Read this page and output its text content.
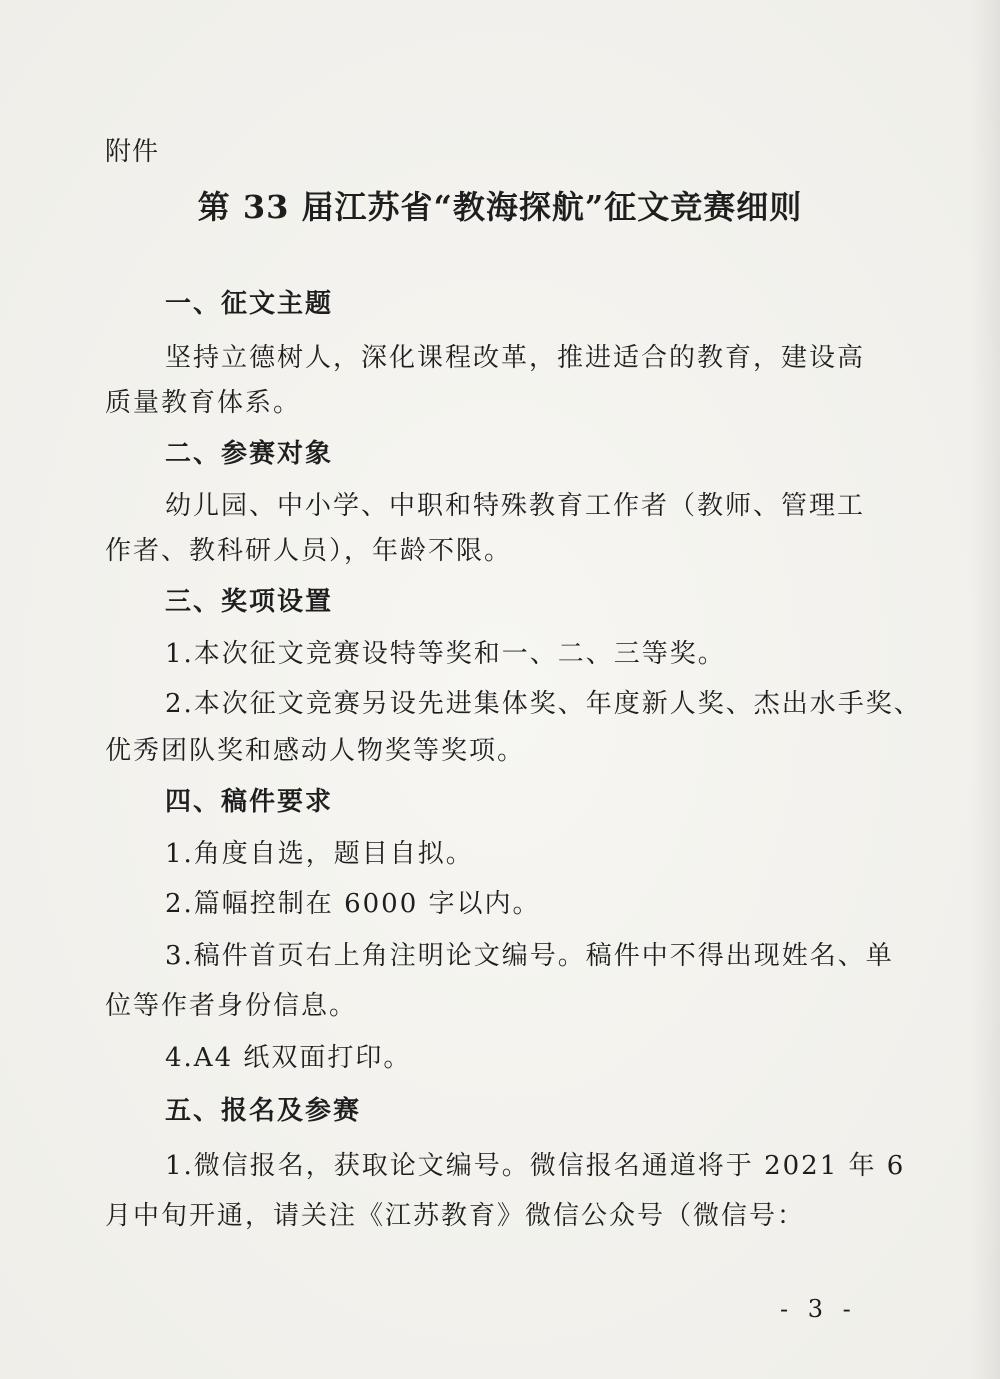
附件
第 33 届江苏省“教海探航”征文竞赛细则
一、征文主题
坚持立德树人，深化课程改革，推进适合的教育，建设高
质量教育体系。
二、参赛对象
幼儿园、中小学、中职和特殊教育工作者（教师、管理工
作者、教科研人员），年龄不限。
三、奖项设置
1.本次征文竞赛设特等奖和一、二、三等奖。
2.本次征文竞赛另设先进集体奖、年度新人奖、杰出水手奖、
优秀团队奖和感动人物奖等奖项。
四、稿件要求
1.角度自选，题目自拟。
2.篇幅控制在 6000 字以内。
3.稿件首页右上角注明论文编号。稿件中不得出现姓名、单
位等作者身份信息。
4.A4 纸双面打印。
五、报名及参赛
1.微信报名，获取论文编号。微信报名通道将于 2021 年 6
月中旬开通，请关注《江苏教育》微信公众号（微信号：
- 3 -
